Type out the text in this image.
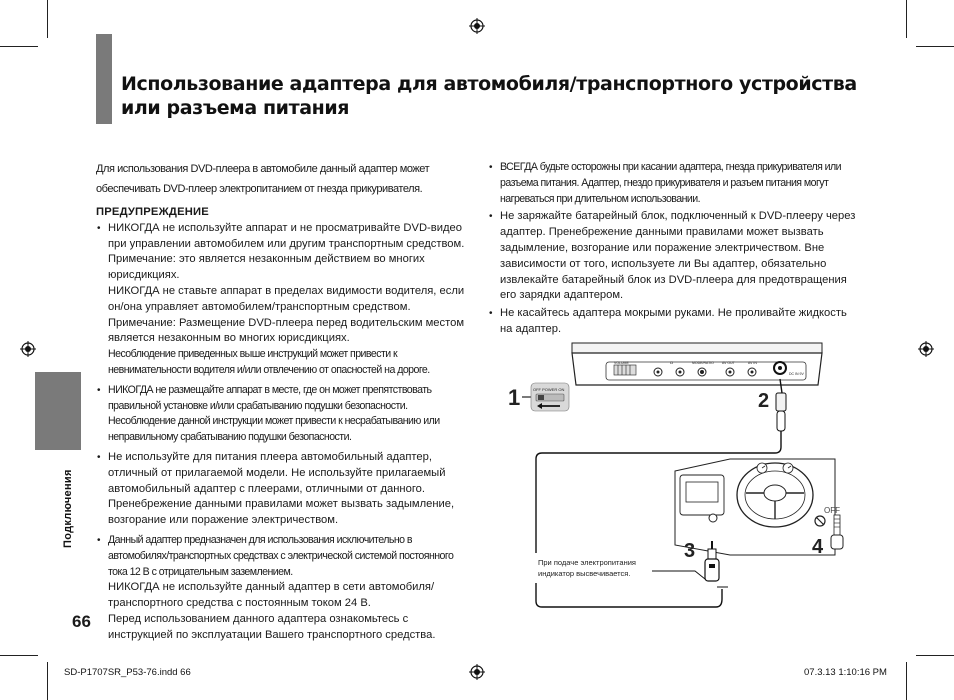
Использование адаптера для автомобиля/транспортного устройства
или разъема питания
Подключения
66

Для использования DVD-плеера в автомобиле данный адаптер может обеспечивать DVD-плеер электропитанием от гнезда прикуривателя.

ПРЕДУПРЕЖДЕНИЕ

• НИКОГДА не используйте аппарат и не просматривайте DVD-видео при управлении автомобилем или другим транспортным средством. Примечание: это является незаконным действием во многих юрисдикциях.
НИКОГДА не ставьте аппарат в пределах видимости водителя, если он/она управляет автомобилем/транспортным средством. Примечание: Размещение DVD-плеера перед водительским местом является незаконным во многих юрисдикциях.
Несоблюдение приведенных выше инструкций может привести к невнимательности водителя и/или отвлечению от опасностей на дороге.
• НИКОГДА не размещайте аппарат в месте, где он может препятствовать правильной установке и/или срабатыванию подушки безопасности. Несоблюдение данной инструкции может привести к несрабатыванию или неправильному срабатыванию подушки безопасности.
• Не используйте для питания плеера автомобильный адаптер, отличный от прилагаемой модели. Не используйте прилагаемый автомобильный адаптер с плеерами, отличными от данного. Пренебрежение данными правилами может вызвать задымление, возгорание или поражение электричеством.
• Данный адаптер предназначен для использования исключительно в автомобилях/транспортных средствах с электрической системой постоянного тока 12 В с отрицательным заземлением.
НИКОГДА не используйте данный адаптер в сети автомобиля/транспортного средства с постоянным током 24 В.
Перед использованием данного адаптера ознакомьтесь с инструкцией по эксплуатации Вашего транспортного средства.
• ВСЕГДА будьте осторожны при касании адаптера, гнезда прикуривателя или разъема питания. Адаптер, гнездо прикуривателя и разъем питания могут нагреваться при длительном использовании.
• Не заряжайте батарейный блок, подключенный к DVD-плееру через адаптер. Пренебрежение данными правилами может вызвать задымление, возгорание или поражение электричеством. Вне зависимости от того, используете ли Вы адаптер, обязательно извлекайте батарейный блок из DVD-плеера для предотвращения его зарядки адаптером.
• Не касайтесь адаптера мокрыми руками. Не проливайте жидкость на адаптер.
VOLUME	Ω	MODE/RATIO AV OUT	AV IN
DC IN 9V
1	OFF POWER ON
2
3	4
OFF
При подаче электропитания
индикатор высвечивается.
SD-P1707SR_P53-76.indd 66	07.3.13 1:10:16 PM
